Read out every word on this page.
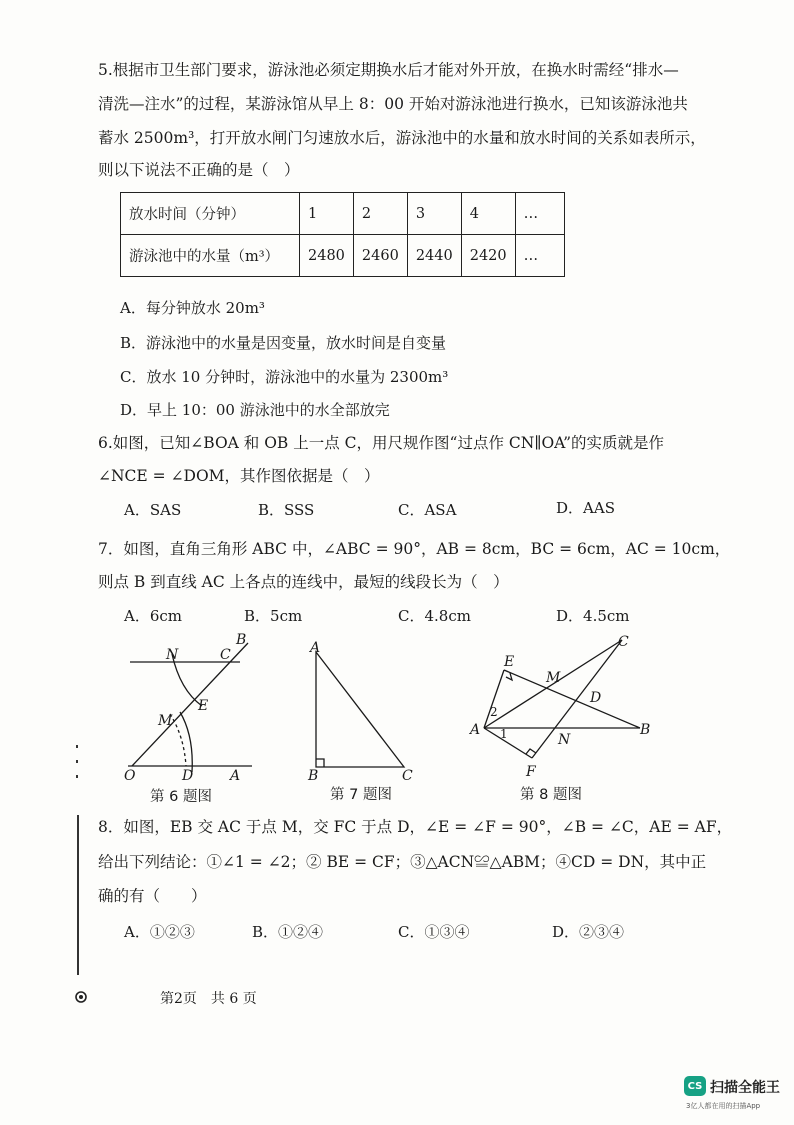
5.根据市卫生部门要求，游泳池必须定期换水后才能对外开放，在换水时需经“排水—
清洗—注水”的过程，某游泳馆从早上 8：00 开始对游泳池进行换水，已知该游泳池共
蓄水 2500m³，打开放水闸门匀速放水后，游泳池中的水量和放水时间的关系如表所示，
则以下说法不正确的是（　）
放水时间（分钟）	1	2	3	4	…
游泳池中的水量（m³）	2480	2460	2440	2420	…
A．每分钟放水 20m³
B．游泳池中的水量是因变量，放水时间是自变量
C．放水 10 分钟时，游泳池中的水量为 2300m³
D．早上 10：00 游泳池中的水全部放完
6.如图，已知∠BOA 和 OB 上一点 C，用尺规作图“过点作 CN∥OA”的实质就是作
∠NCE = ∠DOM，其作图依据是（　）
A．SAS	B．SSS	C．ASA	D．AAS
7．如图，直角三角形 ABC 中，∠ABC = 90°，AB = 8cm，BC = 6cm，AC = 10cm，
则点 B 到直线 AC 上各点的连线中，最短的线段长为（　）
A．6cm	B．5cm	C．4.8cm	D．4.5cm
N	C
B
E
M
O	D	A
第 6 题图
A
B	C
第 7 题图
C
E
M
D
2
A 1	N
B
F
第 8 题图
8．如图，EB 交 AC 于点 M，交 FC 于点 D，∠E = ∠F = 90°，∠B = ∠C，AE = AF，
给出下列结论：①∠1 = ∠2；② BE = CF；③△ACN≌△ABM；④CD = DN，其中正
确的有（　　）
A．①②③	B．①②④	C．①③④	D．②③④
第2页　共 6 页
CS 扫描全能王
3亿人都在用的扫描App
